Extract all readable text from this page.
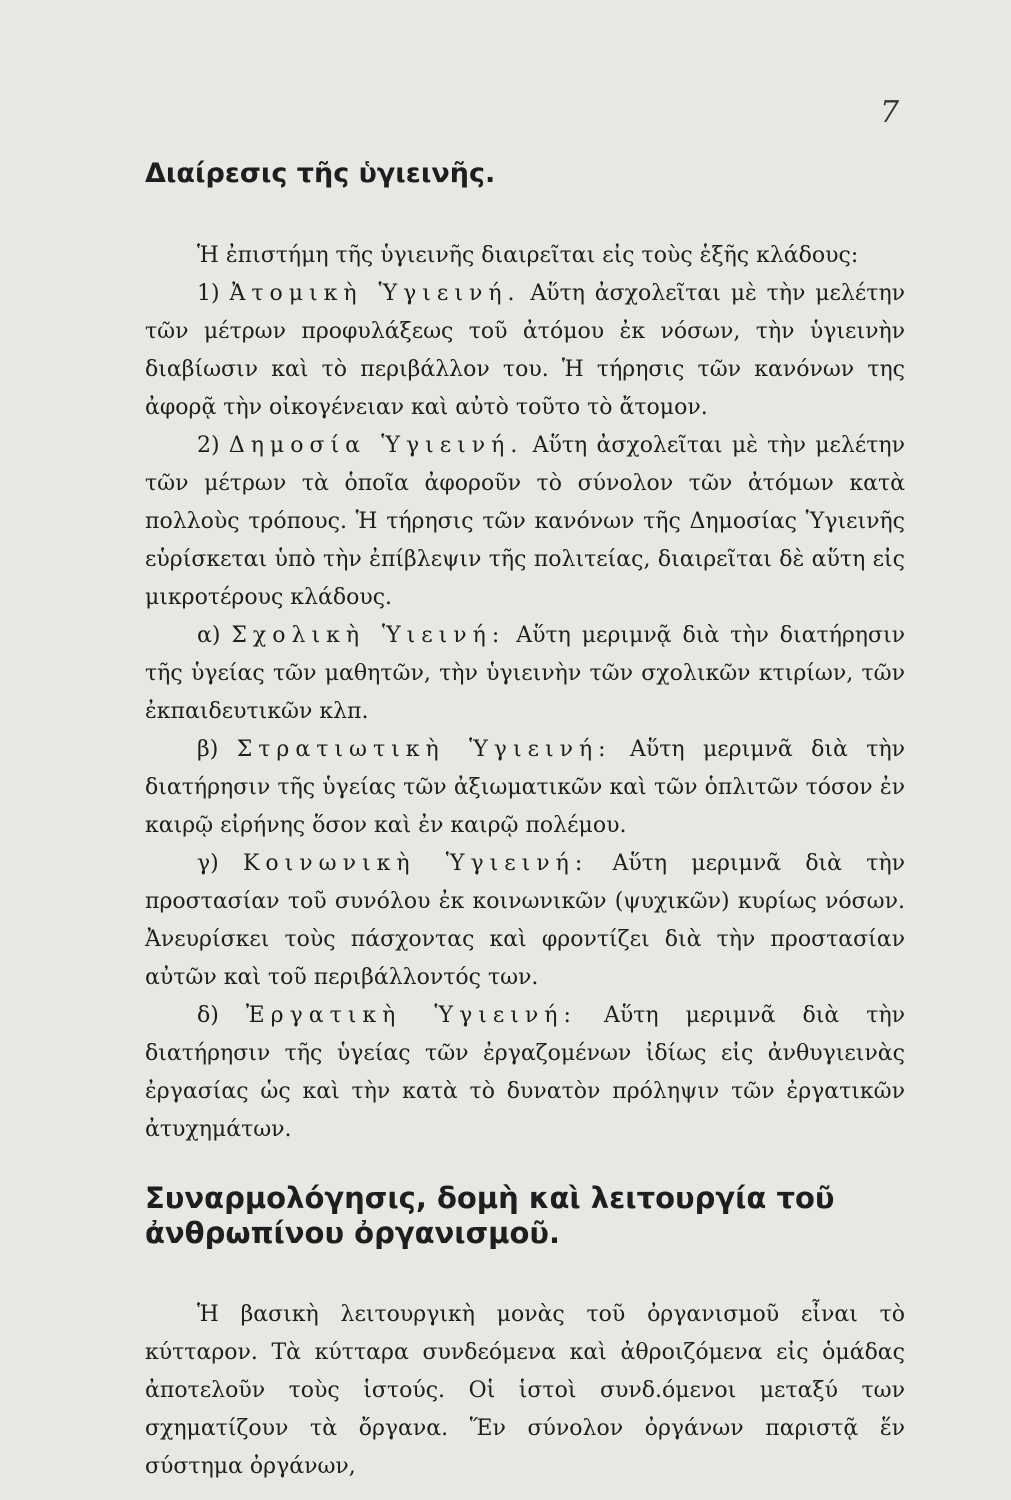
7
Διαίρεσις τῆς ὑγιεινῆς.

Ἡ ἐπιστήμη τῆς ὑγιεινῆς διαιρεῖται εἰς τοὺς ἑξῆς κλάδους:

1) Ἀτομικὴ Ὑγιεινή. Αὕτη ἀσχολεῖται μὲ τὴν μελέτην τῶν μέτρων προφυλάξεως τοῦ ἀτόμου ἐκ νόσων, τὴν ὑγιεινὴν διαβίωσιν καὶ τὸ περιβάλλον του. Ἡ τήρησις τῶν κανόνων της ἀφορᾷ τὴν οἰκογένειαν καὶ αὐτὸ τοῦτο τὸ ἄτομον.

2) Δημοσία Ὑγιεινή. Αὕτη ἀσχολεῖται μὲ τὴν μελέτην τῶν μέτρων τὰ ὁποῖα ἀφοροῦν τὸ σύνολον τῶν ἀτόμων κατὰ πολλοὺς τρόπους. Ἡ τήρησις τῶν κανόνων τῆς Δημοσίας Ὑγιεινῆς εὑρίσκεται ὑπὸ τὴν ἐπίβλεψιν τῆς πολιτείας, διαιρεῖται δὲ αὕτη εἰς μικροτέρους κλάδους.

α) Σχολικὴ Ὑιεινή: Αὕτη μεριμνᾷ διὰ τὴν διατήρησιν τῆς ὑγείας τῶν μαθητῶν, τὴν ὑγιεινὴν τῶν σχολικῶν κτιρίων, τῶν ἐκπαιδευτικῶν κλπ.

β) Στρατιωτικὴ Ὑγιεινή: Αὕτη μεριμνᾶ διὰ τὴν διατήρησιν τῆς ὑγείας τῶν ἀξιωματικῶν καὶ τῶν ὁπλιτῶν τόσον ἐν καιρῷ εἰρήνης ὅσον καὶ ἐν καιρῷ πολέμου.

γ) Κοινωνικὴ Ὑγιεινή: Αὕτη μεριμνᾶ διὰ τὴν προστασίαν τοῦ συνόλου ἐκ κοινωνικῶν (ψυχικῶν) κυρίως νόσων. Ἀνευρίσκει τοὺς πάσχοντας καὶ φροντίζει διὰ τὴν προστασίαν αὐτῶν καὶ τοῦ περιβάλλοντός των.

δ) Ἐργατικὴ Ὑγιεινή: Αὕτη μεριμνᾶ διὰ τὴν διατήρησιν τῆς ὑγείας τῶν ἐργαζομένων ἰδίως εἰς ἀνθυγιεινὰς ἐργασίας ὡς καὶ τὴν κατὰ τὸ δυνατὸν πρόληψιν τῶν ἐργατικῶν ἀτυχημάτων.

Συναρμολόγησις, δομὴ καὶ λειτουργία τοῦ ἀνθρωπίνου ὀργανισμοῦ.

Ἡ βασικὴ λειτουργικὴ μονὰς τοῦ ὀργανισμοῦ εἶναι τὸ κύτταρον. Τὰ κύτταρα συνδεόμενα καὶ ἀθροιζόμενα εἰς ὁμάδας ἀποτελοῦν τοὺς ἱστούς. Οἱ ἱστοὶ συνδ.όμενοι μεταξύ των σχηματίζουν τὰ ὄργανα. Ἕν σύνολον ὀργάνων παριστᾷ ἕν σύστημα ὀργάνων,
